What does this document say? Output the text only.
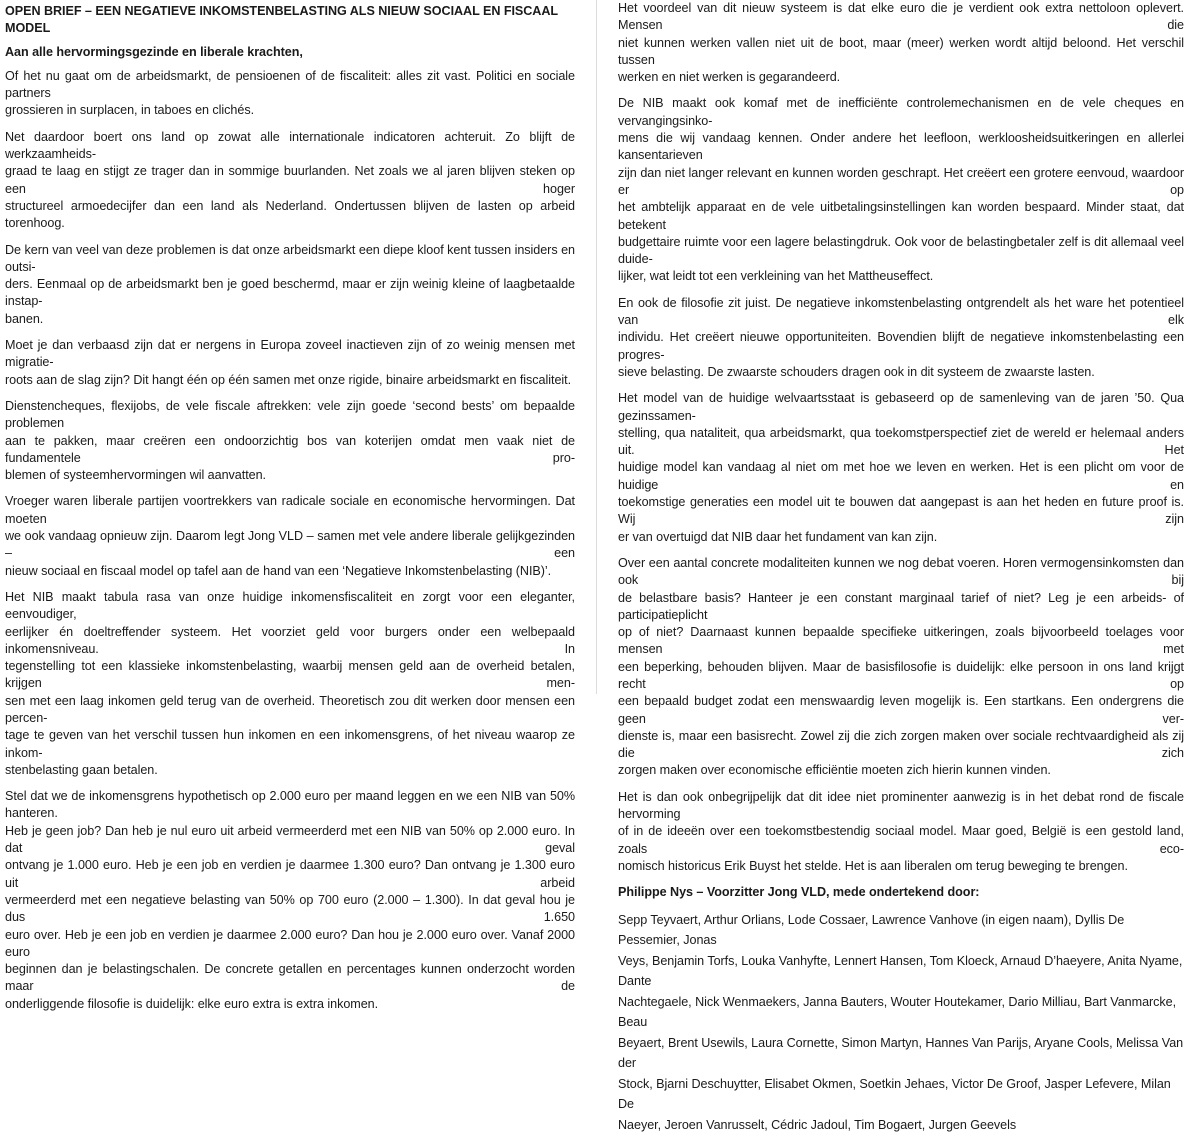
OPEN BRIEF – EEN NEGATIEVE INKOMSTENBELASTING ALS NIEUW SOCIAAL EN FISCAAL MODEL

Aan alle hervormingsgezinde en liberale krachten,

Of het nu gaat om de arbeidsmarkt, de pensioenen of de fiscaliteit: alles zit vast. Politici en sociale partners
grossieren in surplacen, in taboes en clichés.

Net daardoor boert ons land op zowat alle internationale indicatoren achteruit. Zo blijft de werkzaamheids-
graad te laag en stijgt ze trager dan in sommige buurlanden. Net zoals we al jaren blijven steken op een hoger
structureel armoedecijfer dan een land als Nederland. Ondertussen blijven de lasten op arbeid torenhoog.

De kern van veel van deze problemen is dat onze arbeidsmarkt een diepe kloof kent tussen insiders en outsi-
ders. Eenmaal op de arbeidsmarkt ben je goed beschermd, maar er zijn weinig kleine of laagbetaalde instap-
banen.

Moet je dan verbaasd zijn dat er nergens in Europa zoveel inactieven zijn of zo weinig mensen met migratie-
roots aan de slag zijn? Dit hangt één op één samen met onze rigide, binaire arbeidsmarkt en fiscaliteit.

Dienstencheques, flexijobs, de vele fiscale aftrekken: vele zijn goede ‘second bests’ om bepaalde problemen
aan te pakken, maar creëren een ondoorzichtig bos van koterijen omdat men vaak niet de fundamentele pro-
blemen of systeemhervormingen wil aanvatten.

Vroeger waren liberale partijen voortrekkers van radicale sociale en economische hervormingen. Dat moeten
we ook vandaag opnieuw zijn. Daarom legt Jong VLD – samen met vele andere liberale gelijkgezinden – een
nieuw sociaal en fiscaal model op tafel aan de hand van een ‘Negatieve Inkomstenbelasting (NIB)’.

Het NIB maakt tabula rasa van onze huidige inkomensfiscaliteit en zorgt voor een eleganter, eenvoudiger,
eerlijker én doeltreffender systeem. Het voorziet geld voor burgers onder een welbepaald inkomensniveau. In
tegenstelling tot een klassieke inkomstenbelasting, waarbij mensen geld aan de overheid betalen, krijgen men-
sen met een laag inkomen geld terug van de overheid. Theoretisch zou dit werken door mensen een percen-
tage te geven van het verschil tussen hun inkomen en een inkomensgrens, of het niveau waarop ze inkom-
stenbelasting gaan betalen.

Stel dat we de inkomensgrens hypothetisch op 2.000 euro per maand leggen en we een NIB van 50% hanteren.
Heb je geen job? Dan heb je nul euro uit arbeid vermeerderd met een NIB van 50% op 2.000 euro. In dat geval
ontvang je 1.000 euro. Heb je een job en verdien je daarmee 1.300 euro? Dan ontvang je 1.300 euro uit arbeid
vermeerderd met een negatieve belasting van 50% op 700 euro (2.000 – 1.300). In dat geval hou je dus 1.650
euro over. Heb je een job en verdien je daarmee 2.000 euro? Dan hou je 2.000 euro over. Vanaf 2000 euro
beginnen dan je belastingschalen. De concrete getallen en percentages kunnen onderzocht worden maar de
onderliggende filosofie is duidelijk: elke euro extra is extra inkomen.

Het voordeel van dit nieuw systeem is dat elke euro die je verdient ook extra nettoloon oplevert. Mensen die
niet kunnen werken vallen niet uit de boot, maar (meer) werken wordt altijd beloond. Het verschil tussen
werken en niet werken is gegarandeerd.

De NIB maakt ook komaf met de inefficiënte controlemechanismen en de vele cheques en vervangingsinko-
mens die wij vandaag kennen. Onder andere het leefloon, werkloosheidsuitkeringen en allerlei kansentarieven
zijn dan niet langer relevant en kunnen worden geschrapt. Het creëert een grotere eenvoud, waardoor er op
het ambtelijk apparaat en de vele uitbetalingsinstellingen kan worden bespaard. Minder staat, dat betekent
budgettaire ruimte voor een lagere belastingdruk. Ook voor de belastingbetaler zelf is dit allemaal veel duide-
lijker, wat leidt tot een verkleining van het Mattheuseffect.

En ook de filosofie zit juist. De negatieve inkomstenbelasting ontgrendelt als het ware het potentieel van elk
individu. Het creëert nieuwe opportuniteiten. Bovendien blijft de negatieve inkomstenbelasting een progres-
sieve belasting. De zwaarste schouders dragen ook in dit systeem de zwaarste lasten.

Het model van de huidige welvaartsstaat is gebaseerd op de samenleving van de jaren ’50. Qua gezinssamen-
stelling, qua nataliteit, qua arbeidsmarkt, qua toekomstperspectief ziet de wereld er helemaal anders uit. Het
huidige model kan vandaag al niet om met hoe we leven en werken. Het is een plicht om voor de huidige en
toekomstige generaties een model uit te bouwen dat aangepast is aan het heden en future proof is. Wij zijn
er van overtuigd dat NIB daar het fundament van kan zijn.

Over een aantal concrete modaliteiten kunnen we nog debat voeren. Horen vermogensinkomsten dan ook bij
de belastbare basis? Hanteer je een constant marginaal tarief of niet? Leg je een arbeids- of participatieplicht
op of niet? Daarnaast kunnen bepaalde specifieke uitkeringen, zoals bijvoorbeeld toelages voor mensen met
een beperking, behouden blijven. Maar de basisfilosofie is duidelijk: elke persoon in ons land krijgt recht op
een bepaald budget zodat een menswaardig leven mogelijk is. Een startkans. Een ondergrens die geen ver-
dienste is, maar een basisrecht. Zowel zij die zich zorgen maken over sociale rechtvaardigheid als zij die zich
zorgen maken over economische efficiëntie moeten zich hierin kunnen vinden.

Het is dan ook onbegrijpelijk dat dit idee niet prominenter aanwezig is in het debat rond de fiscale hervorming
of in de ideeën over een toekomstbestendig sociaal model. Maar goed, België is een gestold land, zoals eco-
nomisch historicus Erik Buyst het stelde. Het is aan liberalen om terug beweging te brengen.

Philippe Nys – Voorzitter Jong VLD, mede ondertekend door:

Sepp Teyvaert, Arthur Orlians, Lode Cossaer, Lawrence Vanhove (in eigen naam), Dyllis De Pessemier, Jonas
Veys, Benjamin Torfs, Louka Vanhyfte, Lennert Hansen, Tom Kloeck, Arnaud D’haeyere, Anita Nyame, Dante
Nachtegaele, Nick Wenmaekers, Janna Bauters, Wouter Houtekamer, Dario Milliau, Bart Vanmarcke, Beau
Beyaert, Brent Usewils, Laura Cornette, Simon Martyn, Hannes Van Parijs, Aryane Cools, Melissa Van der
Stock, Bjarni Deschuytter, Elisabet Okmen, Soetkin Jehaes, Victor De Groof, Jasper Lefevere, Milan De
Naeyer, Jeroen Vanrusselt, Cédric Jadoul, Tim Bogaert, Jurgen Geevels
